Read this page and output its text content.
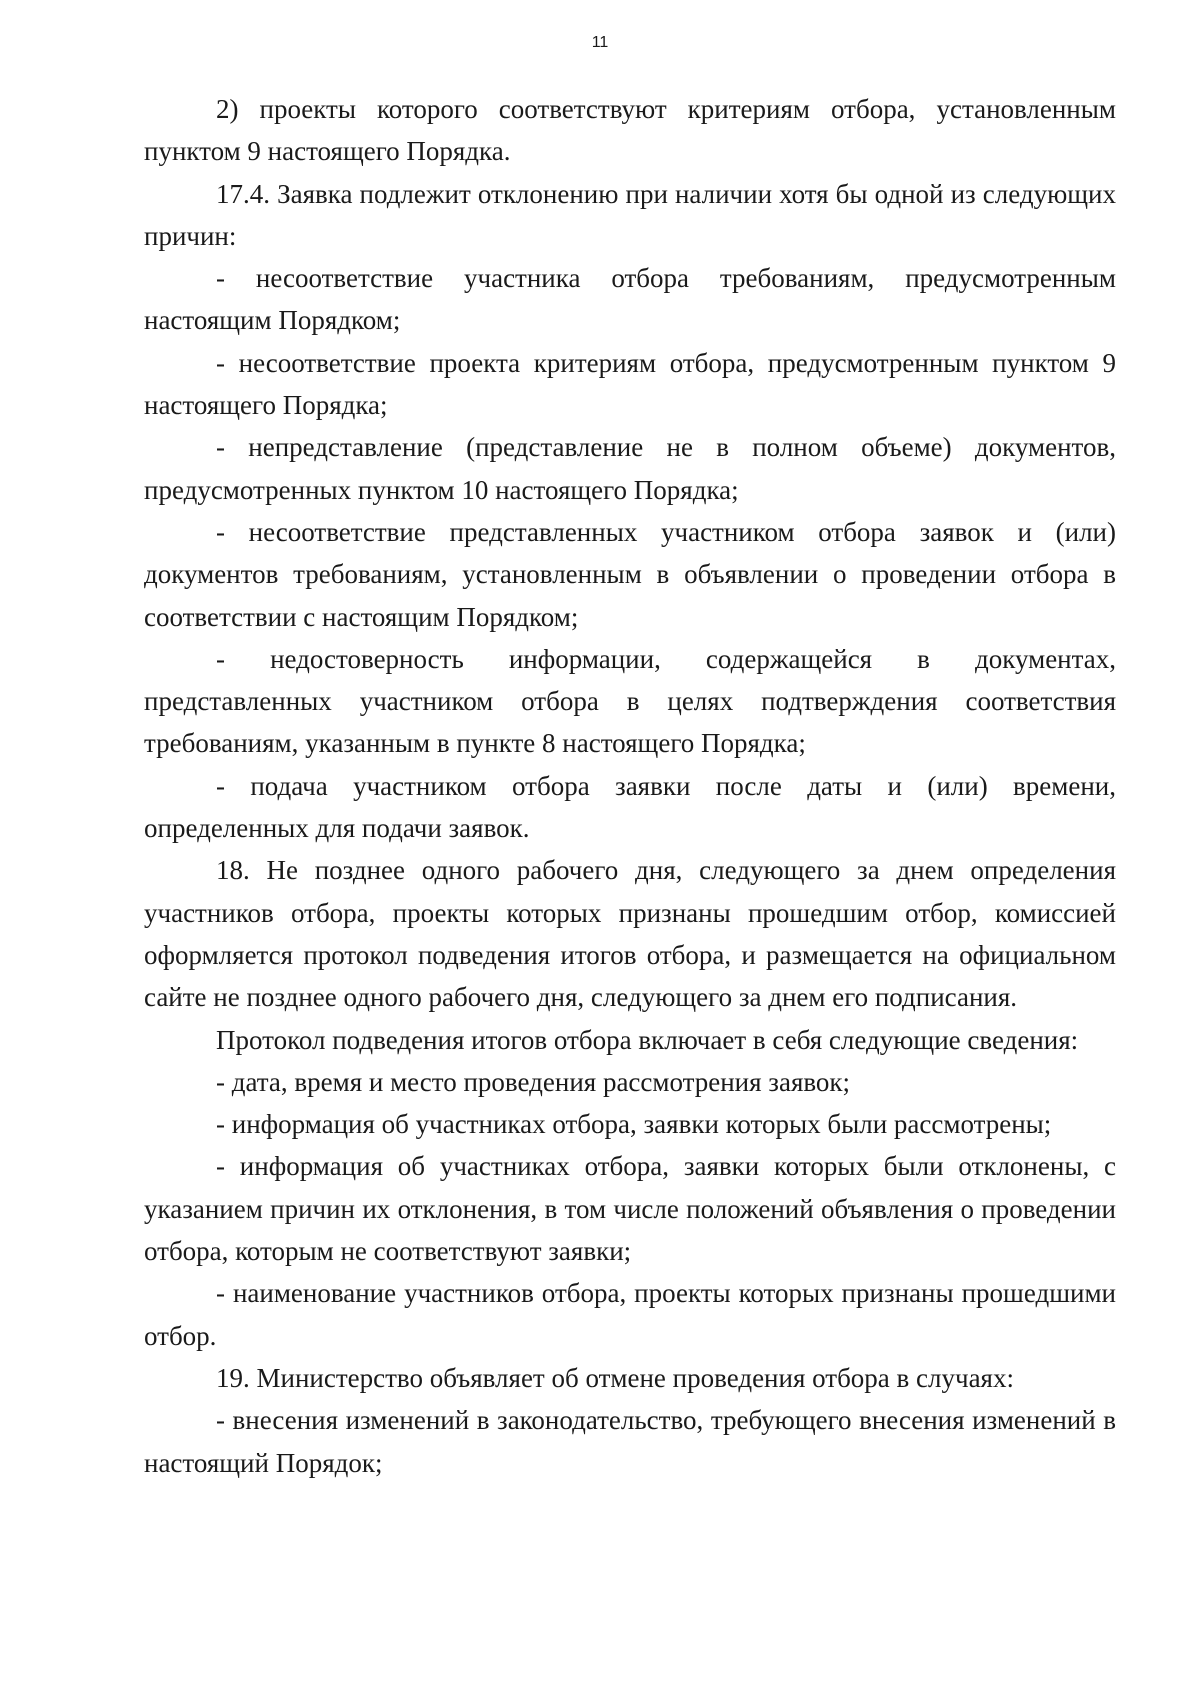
11

2) проекты которого соответствуют критериям отбора, установленным пунктом 9 настоящего Порядка.

17.4. Заявка подлежит отклонению при наличии хотя бы одной из следующих причин:

- несоответствие участника отбора требованиям, предусмотренным настоящим Порядком;

- несоответствие проекта критериям отбора, предусмотренным пунктом 9 настоящего Порядка;

- непредставление (представление не в полном объеме) документов, предусмотренных пунктом 10 настоящего Порядка;

- несоответствие представленных участником отбора заявок и (или) документов требованиям, установленным в объявлении о проведении отбора в соответствии с настоящим Порядком;

- недостоверность информации, содержащейся в документах, представленных участником отбора в целях подтверждения соответствия требованиям, указанным в пункте 8 настоящего Порядка;

- подача участником отбора заявки после даты и (или) времени, определенных для подачи заявок.

18. Не позднее одного рабочего дня, следующего за днем определения участников отбора, проекты которых признаны прошедшим отбор, комиссией оформляется протокол подведения итогов отбора, и размещается на официальном сайте не позднее одного рабочего дня, следующего за днем его подписания.

Протокол подведения итогов отбора включает в себя следующие сведения:

- дата, время и место проведения рассмотрения заявок;

- информация об участниках отбора, заявки которых были рассмотрены;

- информация об участниках отбора, заявки которых были отклонены, с указанием причин их отклонения, в том числе положений объявления о проведении отбора, которым не соответствуют заявки;

- наименование участников отбора, проекты которых признаны прошедшими отбор.

19. Министерство объявляет об отмене проведения отбора в случаях:

- внесения изменений в законодательство, требующего внесения изменений в настоящий Порядок;
